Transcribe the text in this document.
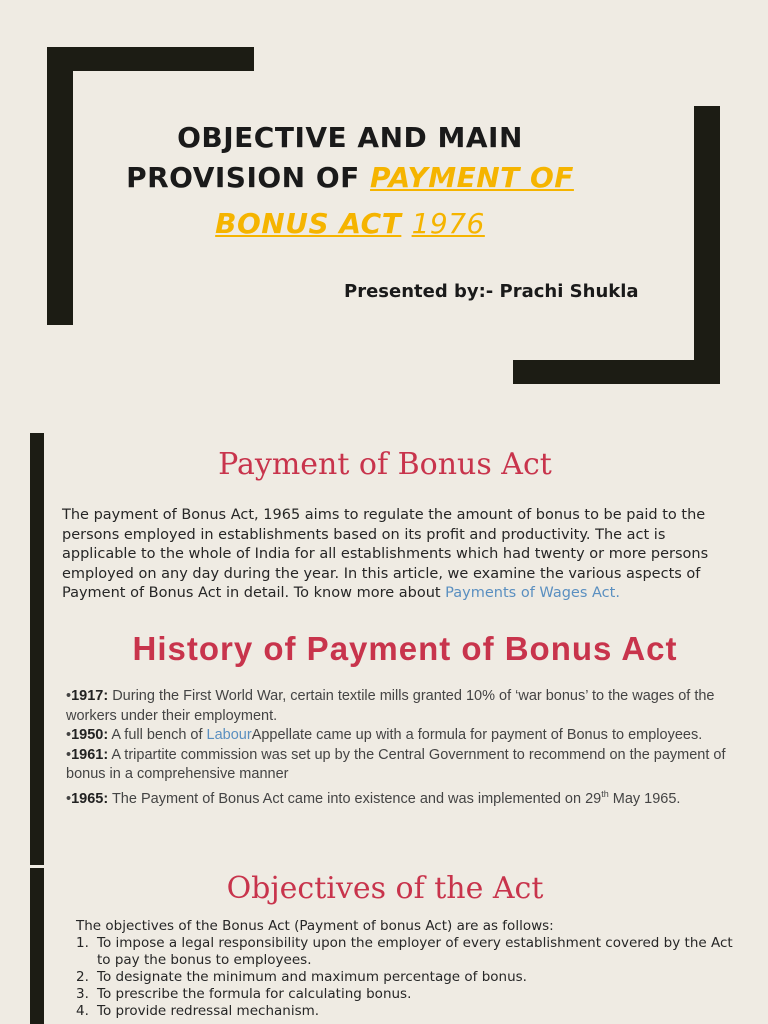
OBJECTIVE AND MAIN
PROVISION OF PAYMENT OF
BONUS ACT 1976
Presented by:- Prachi Shukla
Payment of Bonus Act

The payment of Bonus Act, 1965 aims to regulate the amount of bonus to be paid to the persons employed in establishments based on its profit and productivity. The act is applicable to the whole of India for all establishments which had twenty or more persons employed on any day during the year. In this article, we examine the various aspects of Payment of Bonus Act in detail. To know more about Payments of Wages Act.

History of Payment of Bonus Act
•1917: During the First World War, certain textile mills granted 10% of ‘war bonus’ to the wages of the workers under their employment.
•1950: A full bench of LabourAppellate came up with a formula for payment of Bonus to employees.
•1961: A tripartite commission was set up by the Central Government to recommend on the payment of bonus in a comprehensive manner
•1965: The Payment of Bonus Act came into existence and was implemented on 29th May 1965.
Objectives of the Act
The objectives of the Bonus Act (Payment of bonus Act) are as follows:
1. To impose a legal responsibility upon the employer of every establishment covered by the Act to pay the bonus to employees.
2. To designate the minimum and maximum percentage of bonus.
3. To prescribe the formula for calculating bonus.
4. To provide redressal mechanism.
